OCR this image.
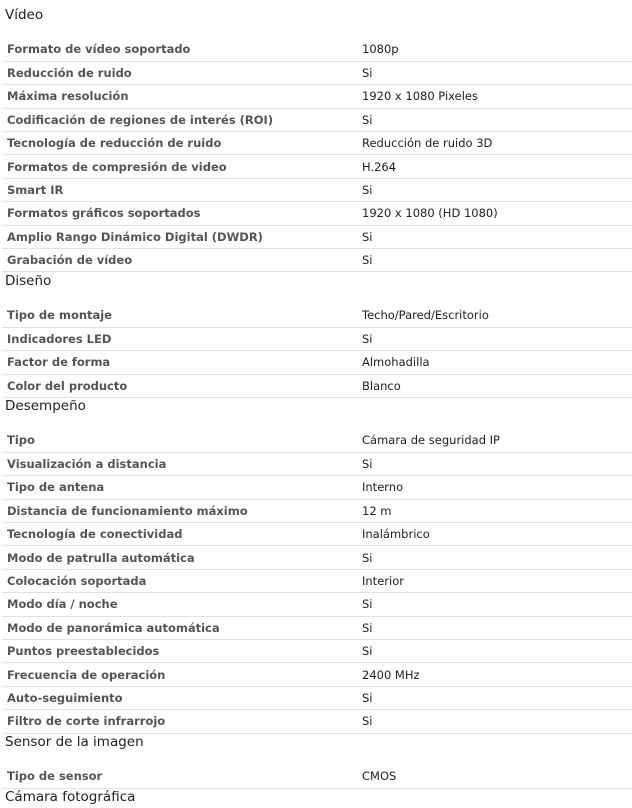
Vídeo
Formato de vídeo soportado	1080p
Reducción de ruido	Si
Máxima resolución	1920 x 1080 Pixeles
Codificación de regiones de interés (ROI)	Si
Tecnología de reducción de ruido	Reducción de ruido 3D
Formatos de compresión de video	H.264
Smart IR	Si
Formatos gráficos soportados	1920 x 1080 (HD 1080)
Amplio Rango Dinámico Digital (DWDR)	Si
Grabación de vídeo	Si
Diseño
Tipo de montaje	Techo/Pared/Escritorio
Indicadores LED	Si
Factor de forma	Almohadilla
Color del producto	Blanco
Desempeño
Tipo	Cámara de seguridad IP
Visualización a distancia	Si
Tipo de antena	Interno
Distancia de funcionamiento máximo	12 m
Tecnología de conectividad	Inalámbrico
Modo de patrulla automática	Si
Colocación soportada	Interior
Modo día / noche	Si
Modo de panorámica automática	Si
Puntos preestablecidos	Si
Frecuencia de operación	2400 MHz
Auto-seguimiento	Si
Filtro de corte infrarrojo	Si
Sensor de la imagen
Tipo de sensor	CMOS
Cámara fotográfica
